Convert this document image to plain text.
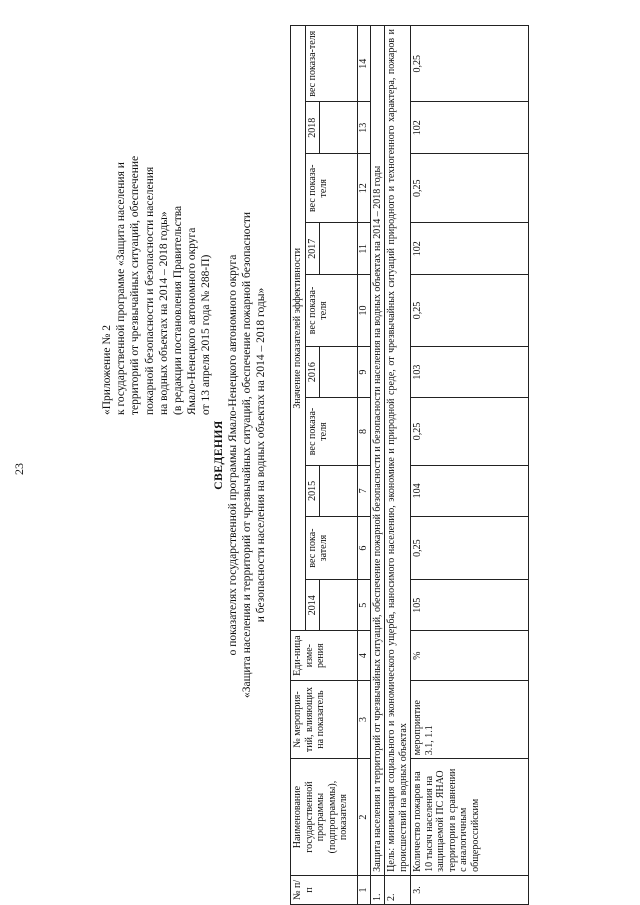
23
«Приложение № 2 к государственной программе «Защита населения и территорий от чрезвычайных ситуаций, обеспечение пожарной безопасности и безопасности населения на водных объектах на 2014 – 2018 годы» (в редакции постановления Правительства Ямало-Ненецкого автономного округа от 13 апреля 2015 года № 288-П)
СВЕДЕНИЯ о показателях государственной программы Ямало-Ненецкого автономного округа «Защита населения и территорий от чрезвычайных ситуаций, обеспечение пожарной безопасности и безопасности населения на водных объектах на 2014 – 2018 годы»
№ п/п	Наименование государственной программы (подпрограммы), показателя	№ мероприя-тий, влияющих на показатель	Еди-ница изме-рения	Значение показателей эффективности									
				2014	вес пока-зателя	2015	вес показа-теля	2016	вес показа-теля	2017	вес показа-теля	2018	вес показа-теля

1	2	3	4	5	6	7	8	9	10	11	12	13	14
1.	Защита населения и территорий от чрезвычайных ситуаций, обеспечение пожарной безопасности и безопасности населения на водных объектах на 2014 – 2018 годы												
2.	Цель: минимизация социального и экономического ущерба, наносимого населению, экономике и природной среде, от чрезвычайных ситуаций природного и техногенного характера, пожаров и происшествий на водных объектах												
3.	Количество пожаров на 10 тысяч населения на защищаемой ПС ЯНАО территории в сравнении с аналогичным общероссийским	мероприятие 3.1, 1.1	%	105	0,25	104	0,25	103	0,25	102	0,25	102	0,25
